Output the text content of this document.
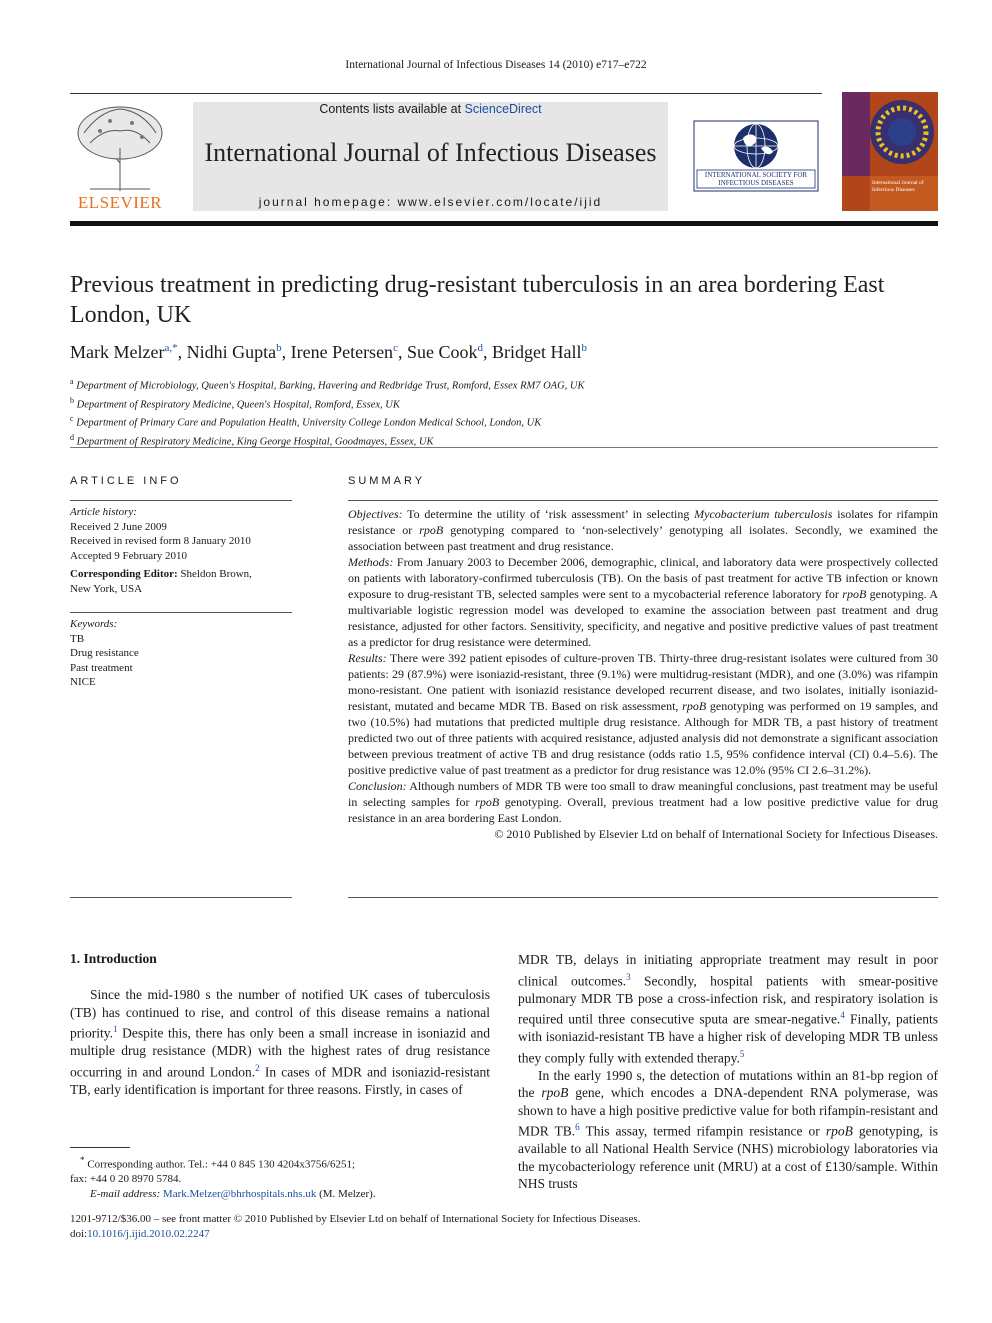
International Journal of Infectious Diseases 14 (2010) e717–e722
ELSEVIER
Contents lists available at ScienceDirect
International Journal of Infectious Diseases
journal homepage: www.elsevier.com/locate/ijid
INTERNATIONAL SOCIETY FOR INFECTIOUS DISEASES	International Journal of Infectious Diseases
Previous treatment in predicting drug-resistant tuberculosis in an area bordering East London, UK
Mark Melzer$^{a,*}$, Nidhi Gupta$^b$, Irene Petersen$^c$, Sue Cook$^d$, Bridget Hall$^b$
$^a$ Department of Microbiology, Queen's Hospital, Barking, Havering and Redbridge Trust, Romford, Essex RM7 OAG, UK
$^b$ Department of Respiratory Medicine, Queen's Hospital, Romford, Essex, UK
$^c$ Department of Primary Care and Population Health, University College London Medical School, London, UK
$^d$ Department of Respiratory Medicine, King George Hospital, Goodmayes, Essex, UK
ARTICLE INFO
Article history:
Received 2 June 2009
Received in revised form 8 January 2010
Accepted 9 February 2010
Corresponding Editor: Sheldon Brown,
New York, USA
Keywords:
TB
Drug resistance
Past treatment
NICE
SUMMARY

Objectives: To determine the utility of ‘risk assessment’ in selecting Mycobacterium tuberculosis isolates for rifampin resistance or rpoB genotyping compared to ‘non-selectively’ genotyping all isolates. Secondly, we examined the association between past treatment and drug resistance.

Methods: From January 2003 to December 2006, demographic, clinical, and laboratory data were prospectively collected on patients with laboratory-confirmed tuberculosis (TB). On the basis of past treatment for active TB infection or known exposure to drug-resistant TB, selected samples were sent to a mycobacterial reference laboratory for rpoB genotyping. A multivariable logistic regression model was developed to examine the association between past treatment and drug resistance, adjusted for other factors. Sensitivity, specificity, and negative and positive predictive values of past treatment as a predictor for drug resistance were determined.

Results: There were 392 patient episodes of culture-proven TB. Thirty-three drug-resistant isolates were cultured from 30 patients: 29 (87.9%) were isoniazid-resistant, three (9.1%) were multidrug-resistant (MDR), and one (3.0%) was rifampin mono-resistant. One patient with isoniazid resistance developed recurrent disease, and two isolates, initially isoniazid-resistant, mutated and became MDR TB. Based on risk assessment, rpoB genotyping was performed on 19 samples, and two (10.5%) had mutations that predicted multiple drug resistance. Although for MDR TB, a past history of treatment predicted two out of three patients with acquired resistance, adjusted analysis did not demonstrate a significant association between previous treatment of active TB and drug resistance (odds ratio 1.5, 95% confidence interval (CI) 0.4–5.6). The positive predictive value of past treatment as a predictor for drug resistance was 12.0% (95% CI 2.6–31.2%).

Conclusion: Although numbers of MDR TB were too small to draw meaningful conclusions, past treatment may be useful in selecting samples for rpoB genotyping. Overall, previous treatment had a low positive predictive value for drug resistance in an area bordering East London.

© 2010 Published by Elsevier Ltd on behalf of International Society for Infectious Diseases.

1. Introduction

Since the mid-1980 s the number of notified UK cases of tuberculosis (TB) has continued to rise, and control of this disease remains a national priority.$^1$ Despite this, there has only been a small increase in isoniazid and multiple drug resistance (MDR) with the highest rates of drug resistance occurring in and around London.$^2$ In cases of MDR and isoniazid-resistant TB, early identification is important for three reasons. Firstly, in cases of

MDR TB, delays in initiating appropriate treatment may result in poor clinical outcomes.$^3$ Secondly, hospital patients with smear-positive pulmonary MDR TB pose a cross-infection risk, and respiratory isolation is required until three consecutive sputa are smear-negative.$^4$ Finally, patients with isoniazid-resistant TB have a higher risk of developing MDR TB unless they comply fully with extended therapy.$^5$

In the early 1990 s, the detection of mutations within an 81-bp region of the rpoB gene, which encodes a DNA-dependent RNA polymerase, was shown to have a high positive predictive value for both rifampin-resistant and MDR TB.$^6$ This assay, termed rifampin resistance or rpoB genotyping, is available to all National Health Service (NHS) microbiology laboratories via the mycobacteriology reference unit (MRU) at a cost of £130/sample. Within NHS trusts

* Corresponding author. Tel.: +44 0 845 130 4204x3756/6251;
fax: +44 0 20 8970 5784.
E-mail address: Mark.Melzer@bhrhospitals.nhs.uk (M. Melzer).
1201-9712/$36.00 – see front matter © 2010 Published by Elsevier Ltd on behalf of International Society for Infectious Diseases.
doi:10.1016/j.ijid.2010.02.2247
